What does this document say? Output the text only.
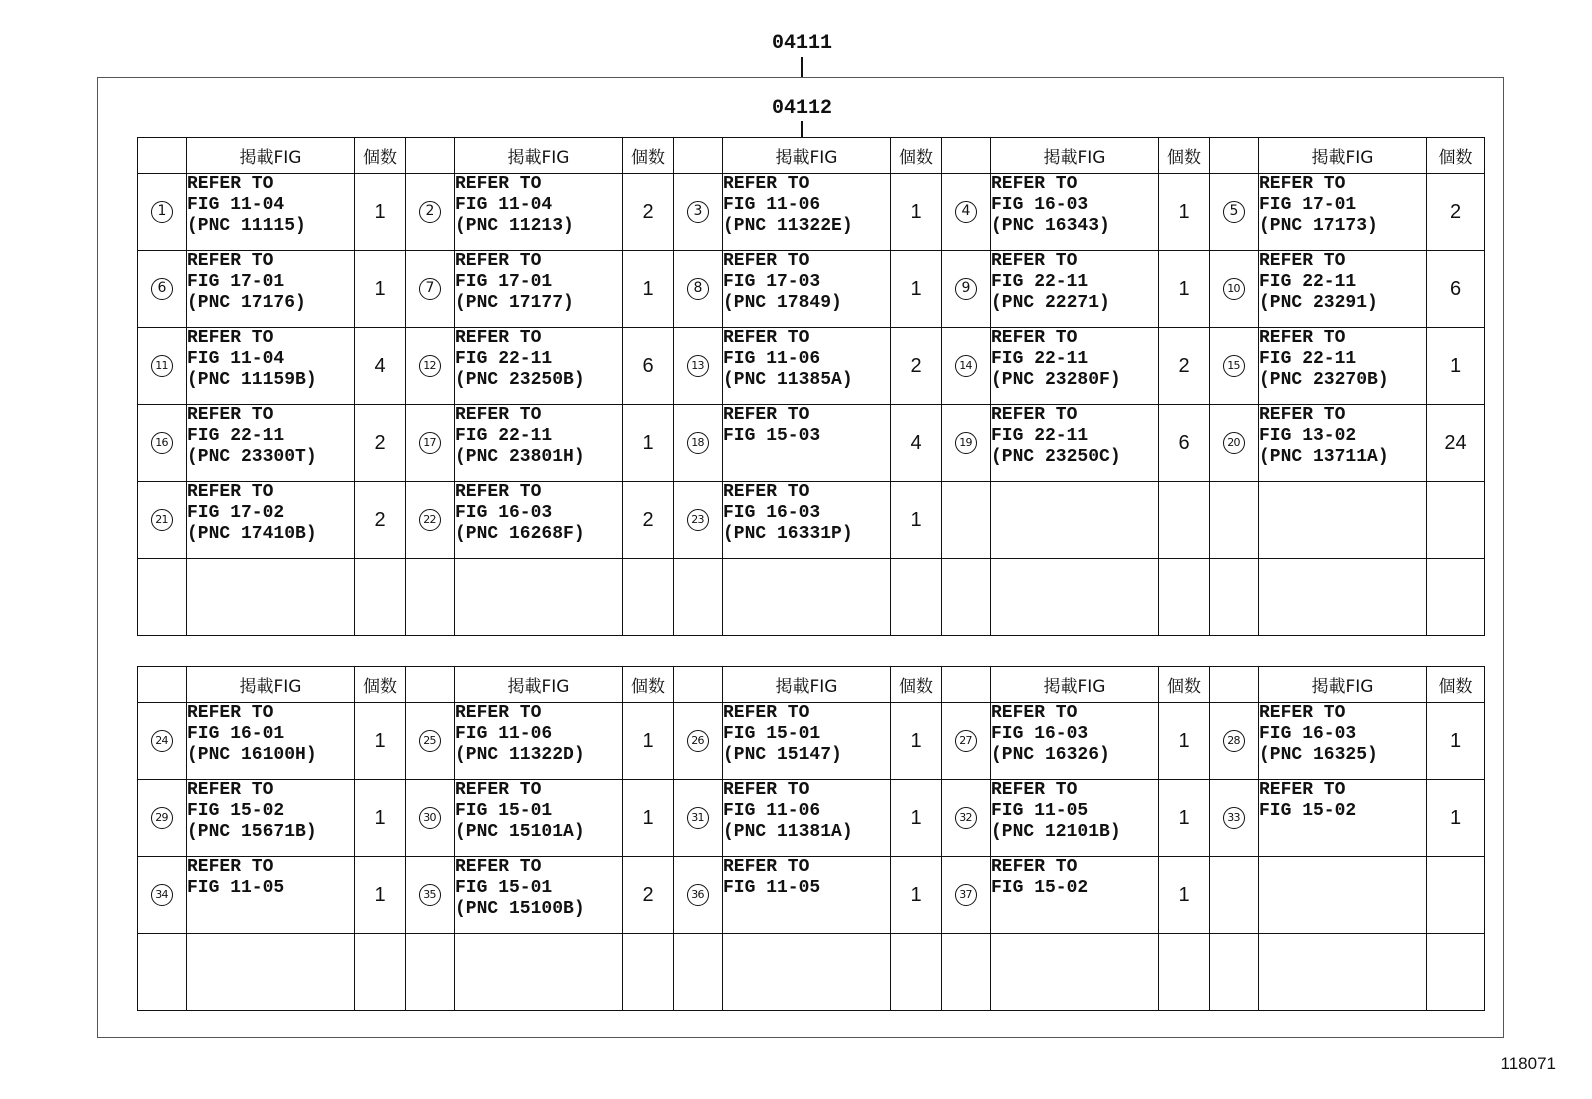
04111
04112
	掲載FIG	個数		掲載FIG	個数		掲載FIG	個数		掲載FIG	個数		掲載FIG	個数
1	REFER TO
FIG 11-04
(PNC 11115)	1	2	REFER TO
FIG 11-04
(PNC 11213)	2	3	REFER TO
FIG 11-06
(PNC 11322E)	1	4	REFER TO
FIG 16-03
(PNC 16343)	1	5	REFER TO
FIG 17-01
(PNC 17173)	2
6	REFER TO
FIG 17-01
(PNC 17176)	1	7	REFER TO
FIG 17-01
(PNC 17177)	1	8	REFER TO
FIG 17-03
(PNC 17849)	1	9	REFER TO
FIG 22-11
(PNC 22271)	1	10	REFER TO
FIG 22-11
(PNC 23291)	6
11	REFER TO
FIG 11-04
(PNC 11159B)	4	12	REFER TO
FIG 22-11
(PNC 23250B)	6	13	REFER TO
FIG 11-06
(PNC 11385A)	2	14	REFER TO
FIG 22-11
(PNC 23280F)	2	15	REFER TO
FIG 22-11
(PNC 23270B)	1
16	REFER TO
FIG 22-11
(PNC 23300T)	2	17	REFER TO
FIG 22-11
(PNC 23801H)	1	18	REFER TO
FIG 15-03	4	19	REFER TO
FIG 22-11
(PNC 23250C)	6	20	REFER TO
FIG 13-02
(PNC 13711A)	24
21	REFER TO
FIG 17-02
(PNC 17410B)	2	22	REFER TO
FIG 16-03
(PNC 16268F)	2	23	REFER TO
FIG 16-03
(PNC 16331P)	1						

	掲載FIG	個数		掲載FIG	個数		掲載FIG	個数		掲載FIG	個数		掲載FIG	個数
24	REFER TO
FIG 16-01
(PNC 16100H)	1	25	REFER TO
FIG 11-06
(PNC 11322D)	1	26	REFER TO
FIG 15-01
(PNC 15147)	1	27	REFER TO
FIG 16-03
(PNC 16326)	1	28	REFER TO
FIG 16-03
(PNC 16325)	1
29	REFER TO
FIG 15-02
(PNC 15671B)	1	30	REFER TO
FIG 15-01
(PNC 15101A)	1	31	REFER TO
FIG 11-06
(PNC 11381A)	1	32	REFER TO
FIG 11-05
(PNC 12101B)	1	33	REFER TO
FIG 15-02	1
34	REFER TO
FIG 11-05	1	35	REFER TO
FIG 15-01
(PNC 15100B)	2	36	REFER TO
FIG 11-05	1	37	REFER TO
FIG 15-02	1			

118071
